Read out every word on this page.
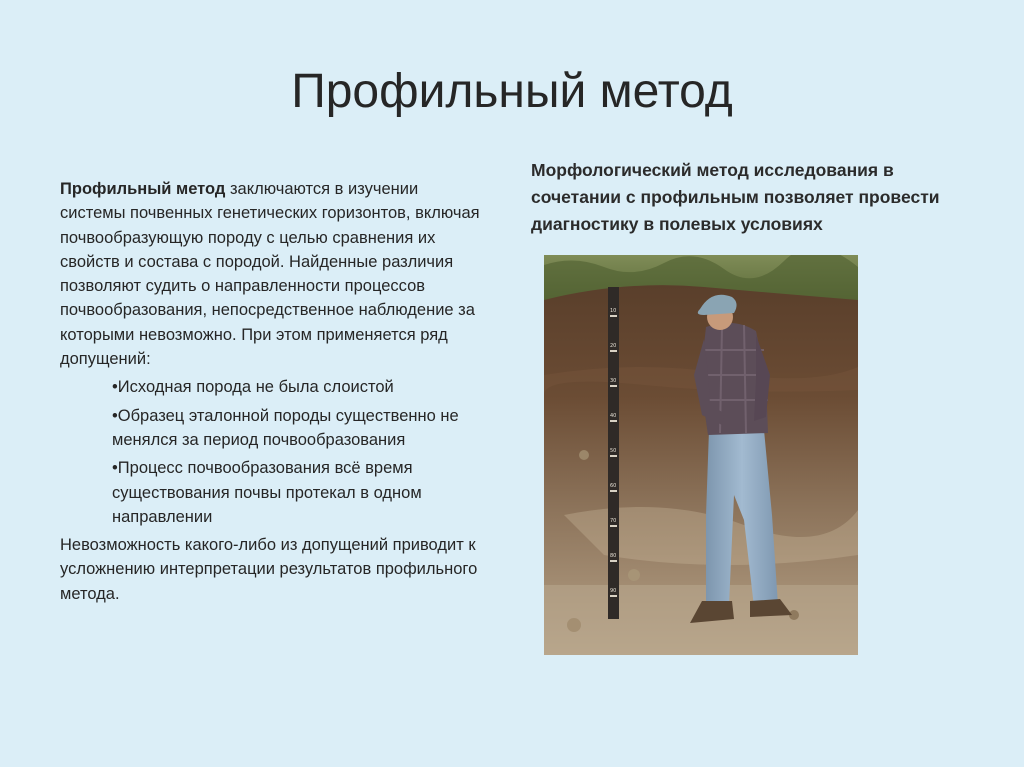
Профильный метод

Профильный метод заключаются в изучении системы почвенных генетических горизонтов, включая почвообразующую породу с целью сравнения их свойств и состава с породой. Найденные различия позволяют судить о направленности процессов почвообразования, непосредственное наблюдение за которыми невозможно. При этом применяется ряд допущений:

•Исходная порода не была слоистой
•Образец эталонной породы существенно не менялся за период почвообразования
•Процесс почвообразования всё время существования почвы протекал в одном направлении

Невозможность какого-либо из допущений приводит к усложнению интерпретации результатов профильного метода.

Морфологический метод исследования в сочетании с профильным позволяет провести диагностику в полевых условиях
10
20
30
40
50
60
70
80
90
